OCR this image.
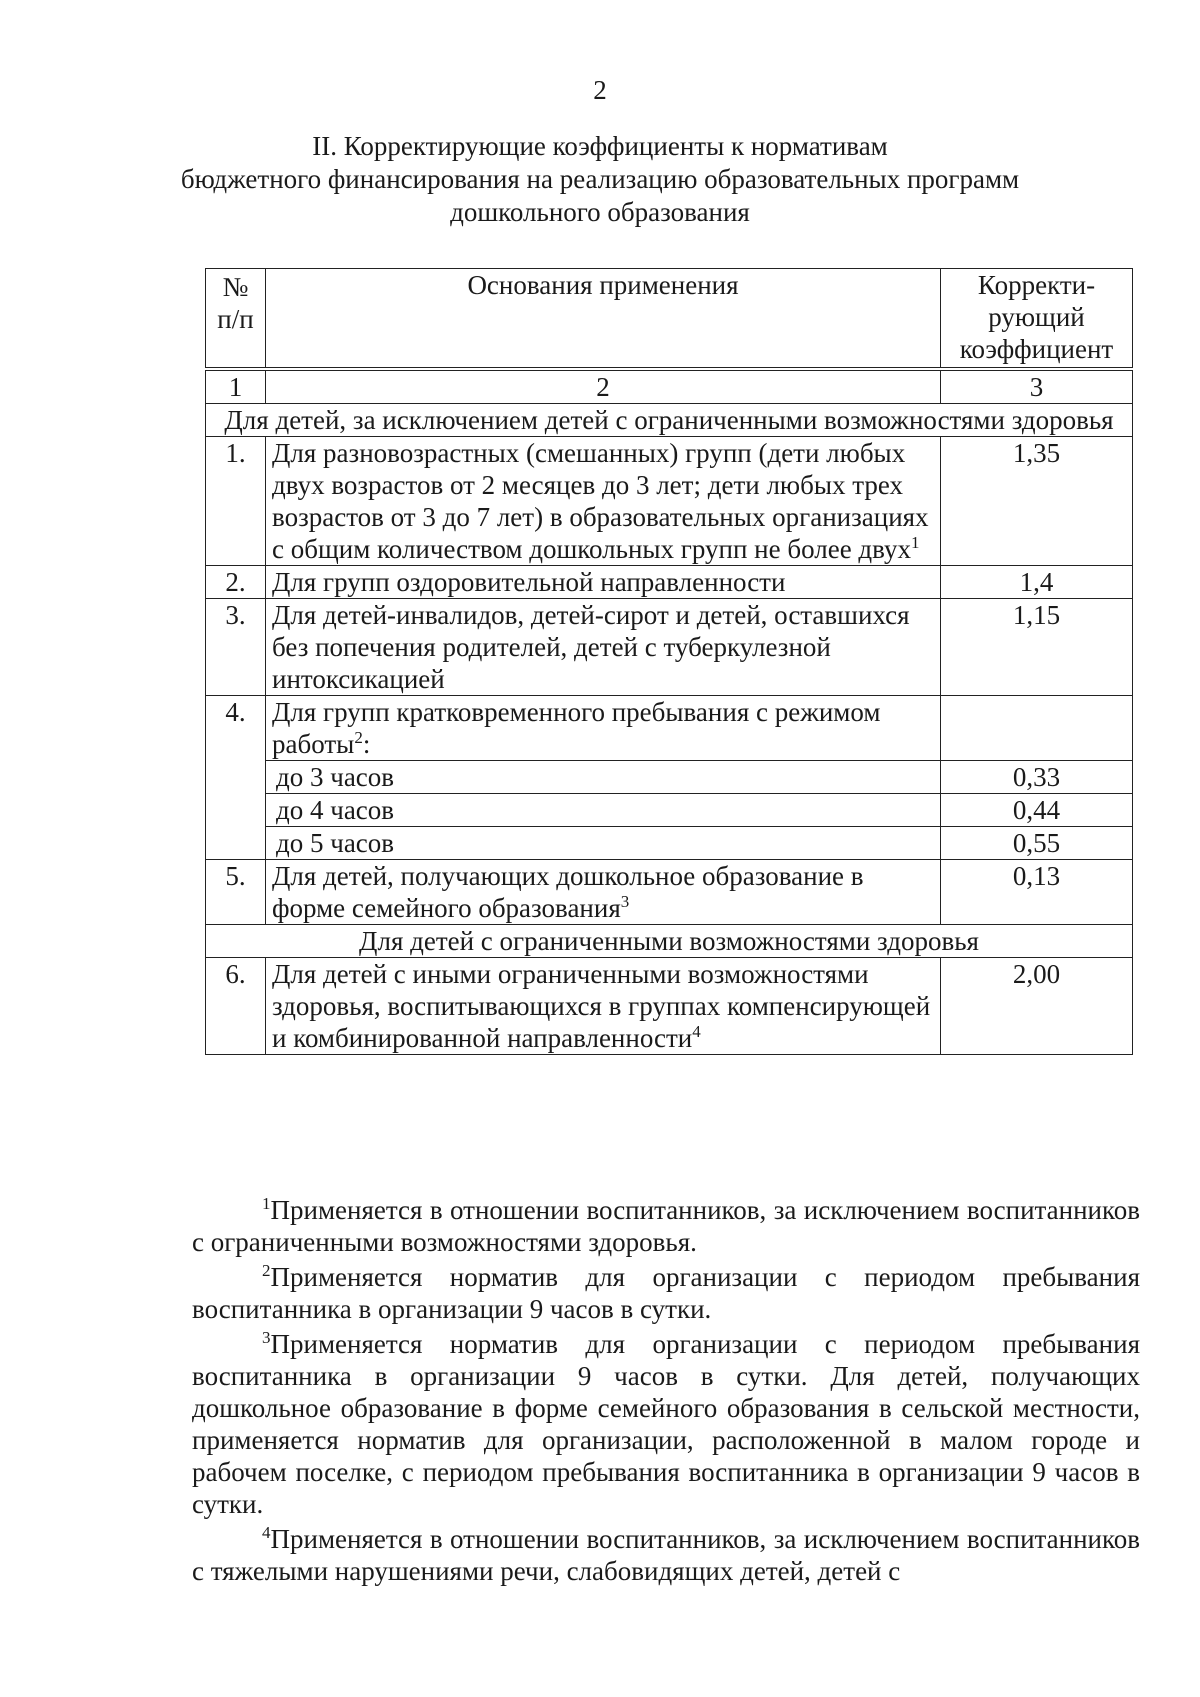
2
II. Корректирующие коэффициенты к нормативам
бюджетного финансирования на реализацию образовательных программ
дошкольного образования
№ п/п	Основания применения	Корректи-рующий коэффициент
1	2	3
Для детей, за исключением детей с ограниченными возможностями здоровья		
1.	Для разновозрастных (смешанных) групп (дети любых двух возрастов от 2 месяцев до 3 лет; дети любых трех возрастов от 3 до 7 лет) в образовательных организациях с общим количеством дошкольных групп не более двух$^1$	1,35
2.	Для групп оздоровительной направленности	1,4
3.	Для детей-инвалидов, детей-сирот и детей, оставшихся без попечения родителей, детей с туберкулезной интоксикацией	1,15
4.	Для групп кратковременного пребывания с режимом работы$^2$:	
	до 3 часов	0,33
	до 4 часов	0,44
	до 5 часов	0,55
5.	Для детей, получающих дошкольное образование в форме семейного образования$^3$	0,13
Для детей с ограниченными возможностями здоровья		
6.	Для детей с иными ограниченными возможностями здоровья, воспитывающихся в группах компенсирующей и комбинированной направленности$^4$	2,00

$^1$Применяется в отношении воспитанников, за исключением воспитанников с ограниченными возможностями здоровья.

$^2$Применяется норматив для организации с периодом пребывания воспитанника в организации 9 часов в сутки.

$^3$Применяется норматив для организации с периодом пребывания воспитанника в организации 9 часов в сутки. Для детей, получающих дошкольное образование в форме семейного образования в сельской местности, применяется норматив для организации, расположенной в малом городе и рабочем поселке, с периодом пребывания воспитанника в организации 9 часов в сутки.

$^4$Применяется в отношении воспитанников, за исключением воспитанников с тяжелыми нарушениями речи, слабовидящих детей, детей с
